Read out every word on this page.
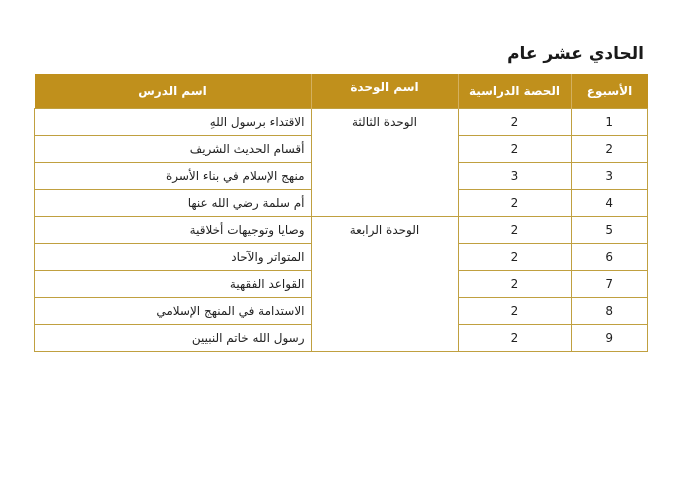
الحادي عشر عام
الأسبوع	الحصة الدراسية	اسم الوحدة	اسم الدرس
1	2	الوحدة الثالثة	الاقتداء برسول اللهِ
2	2		أقسام الحديث الشريف
3	3		منهج الإسلام في بناء الأسرة
4	2		أم سلمة رضي الله عنها
5	2	الوحدة الرابعة	وصايا وتوجيهات أخلاقية
6	2		المتواتر والآحاد
7	2		القواعد الفقهية
8	2		الاستدامة في المنهج الإسلامي
9	2		رسول الله خاتم النبيين
